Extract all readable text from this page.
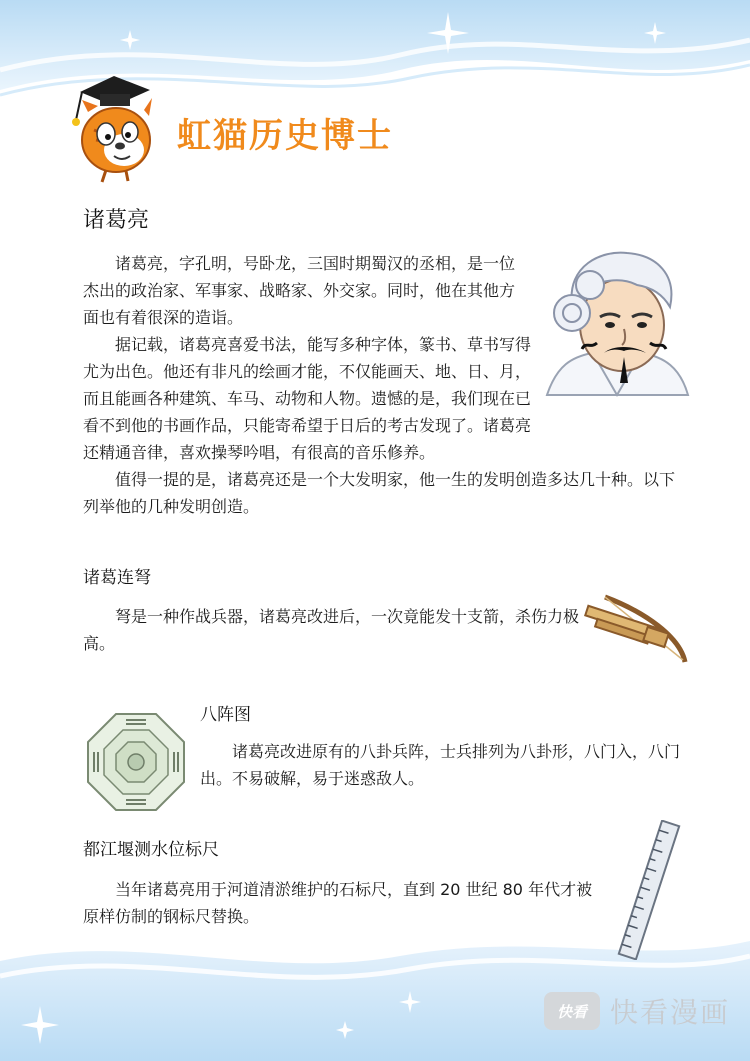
虹猫历史博士
诸葛亮

诸葛亮，字孔明，号卧龙，三国时期蜀汉的丞相，是一位杰出的政治家、军事家、战略家、外交家。同时，他在其他方面也有着很深的造诣。

据记载，诸葛亮喜爱书法，能写多种字体，篆书、草书写得尤为出色。他还有非凡的绘画才能，不仅能画天、地、日、月，而且能画各种建筑、车马、动物和人物。遗憾的是，我们现在已看不到他的书画作品，只能寄希望于日后的考古发现了。诸葛亮还精通音律，喜欢操琴吟唱，有很高的音乐修养。

值得一提的是，诸葛亮还是一个大发明家，他一生的发明创造多达几十种。以下列举他的几种发明创造。

诸葛连弩

弩是一种作战兵器，诸葛亮改进后，一次竟能发十支箭，杀伤力极高。

八阵图

诸葛亮改进原有的八卦兵阵，士兵排列为八卦形，八门入，八门出。不易破解，易于迷惑敌人。

都江堰测水位标尺

当年诸葛亮用于河道清淤维护的石标尺，直到 20 世纪 80 年代才被原样仿制的钢标尺替换。

快看 快看漫画
